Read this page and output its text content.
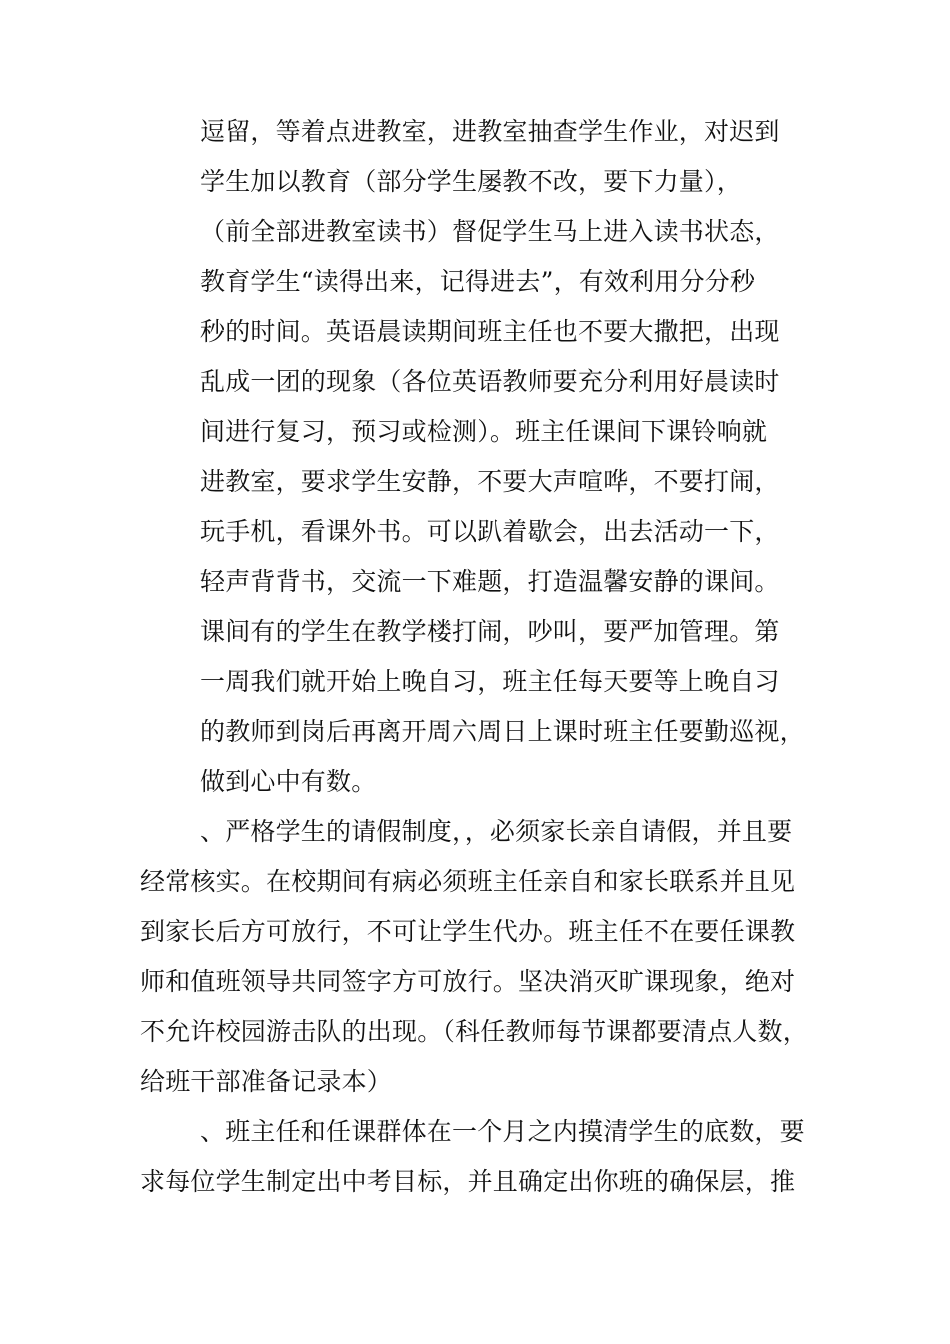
逗留，等着点进教室，进教室抽查学生作业，对迟到
学生加以教育（部分学生屡教不改，要下力量），
（前全部进教室读书）督促学生马上进入读书状态，
教育学生“读得出来，记得进去”，有效利用分分秒
秒的时间。英语晨读期间班主任也不要大撒把，出现
乱成一团的现象（各位英语教师要充分利用好晨读时
间进行复习，预习或检测）。班主任课间下课铃响就
进教室，要求学生安静，不要大声喧哗，不要打闹，
玩手机，看课外书。可以趴着歇会，出去活动一下，
轻声背背书，交流一下难题，打造温馨安静的课间。
课间有的学生在教学楼打闹，吵叫，要严加管理。第
一周我们就开始上晚自习，班主任每天要等上晚自习
的教师到岗后再离开周六周日上课时班主任要勤巡视，
做到心中有数。
、严格学生的请假制度，，必须家长亲自请假，并且要
经常核实。在校期间有病必须班主任亲自和家长联系并且见
到家长后方可放行，不可让学生代办。班主任不在要任课教
师和值班领导共同签字方可放行。坚决消灭旷课现象，绝对
不允许校园游击队的出现。（科任教师每节课都要清点人数，
给班干部准备记录本）
、班主任和任课群体在一个月之内摸清学生的底数，要
求每位学生制定出中考目标，并且确定出你班的确保层，推
